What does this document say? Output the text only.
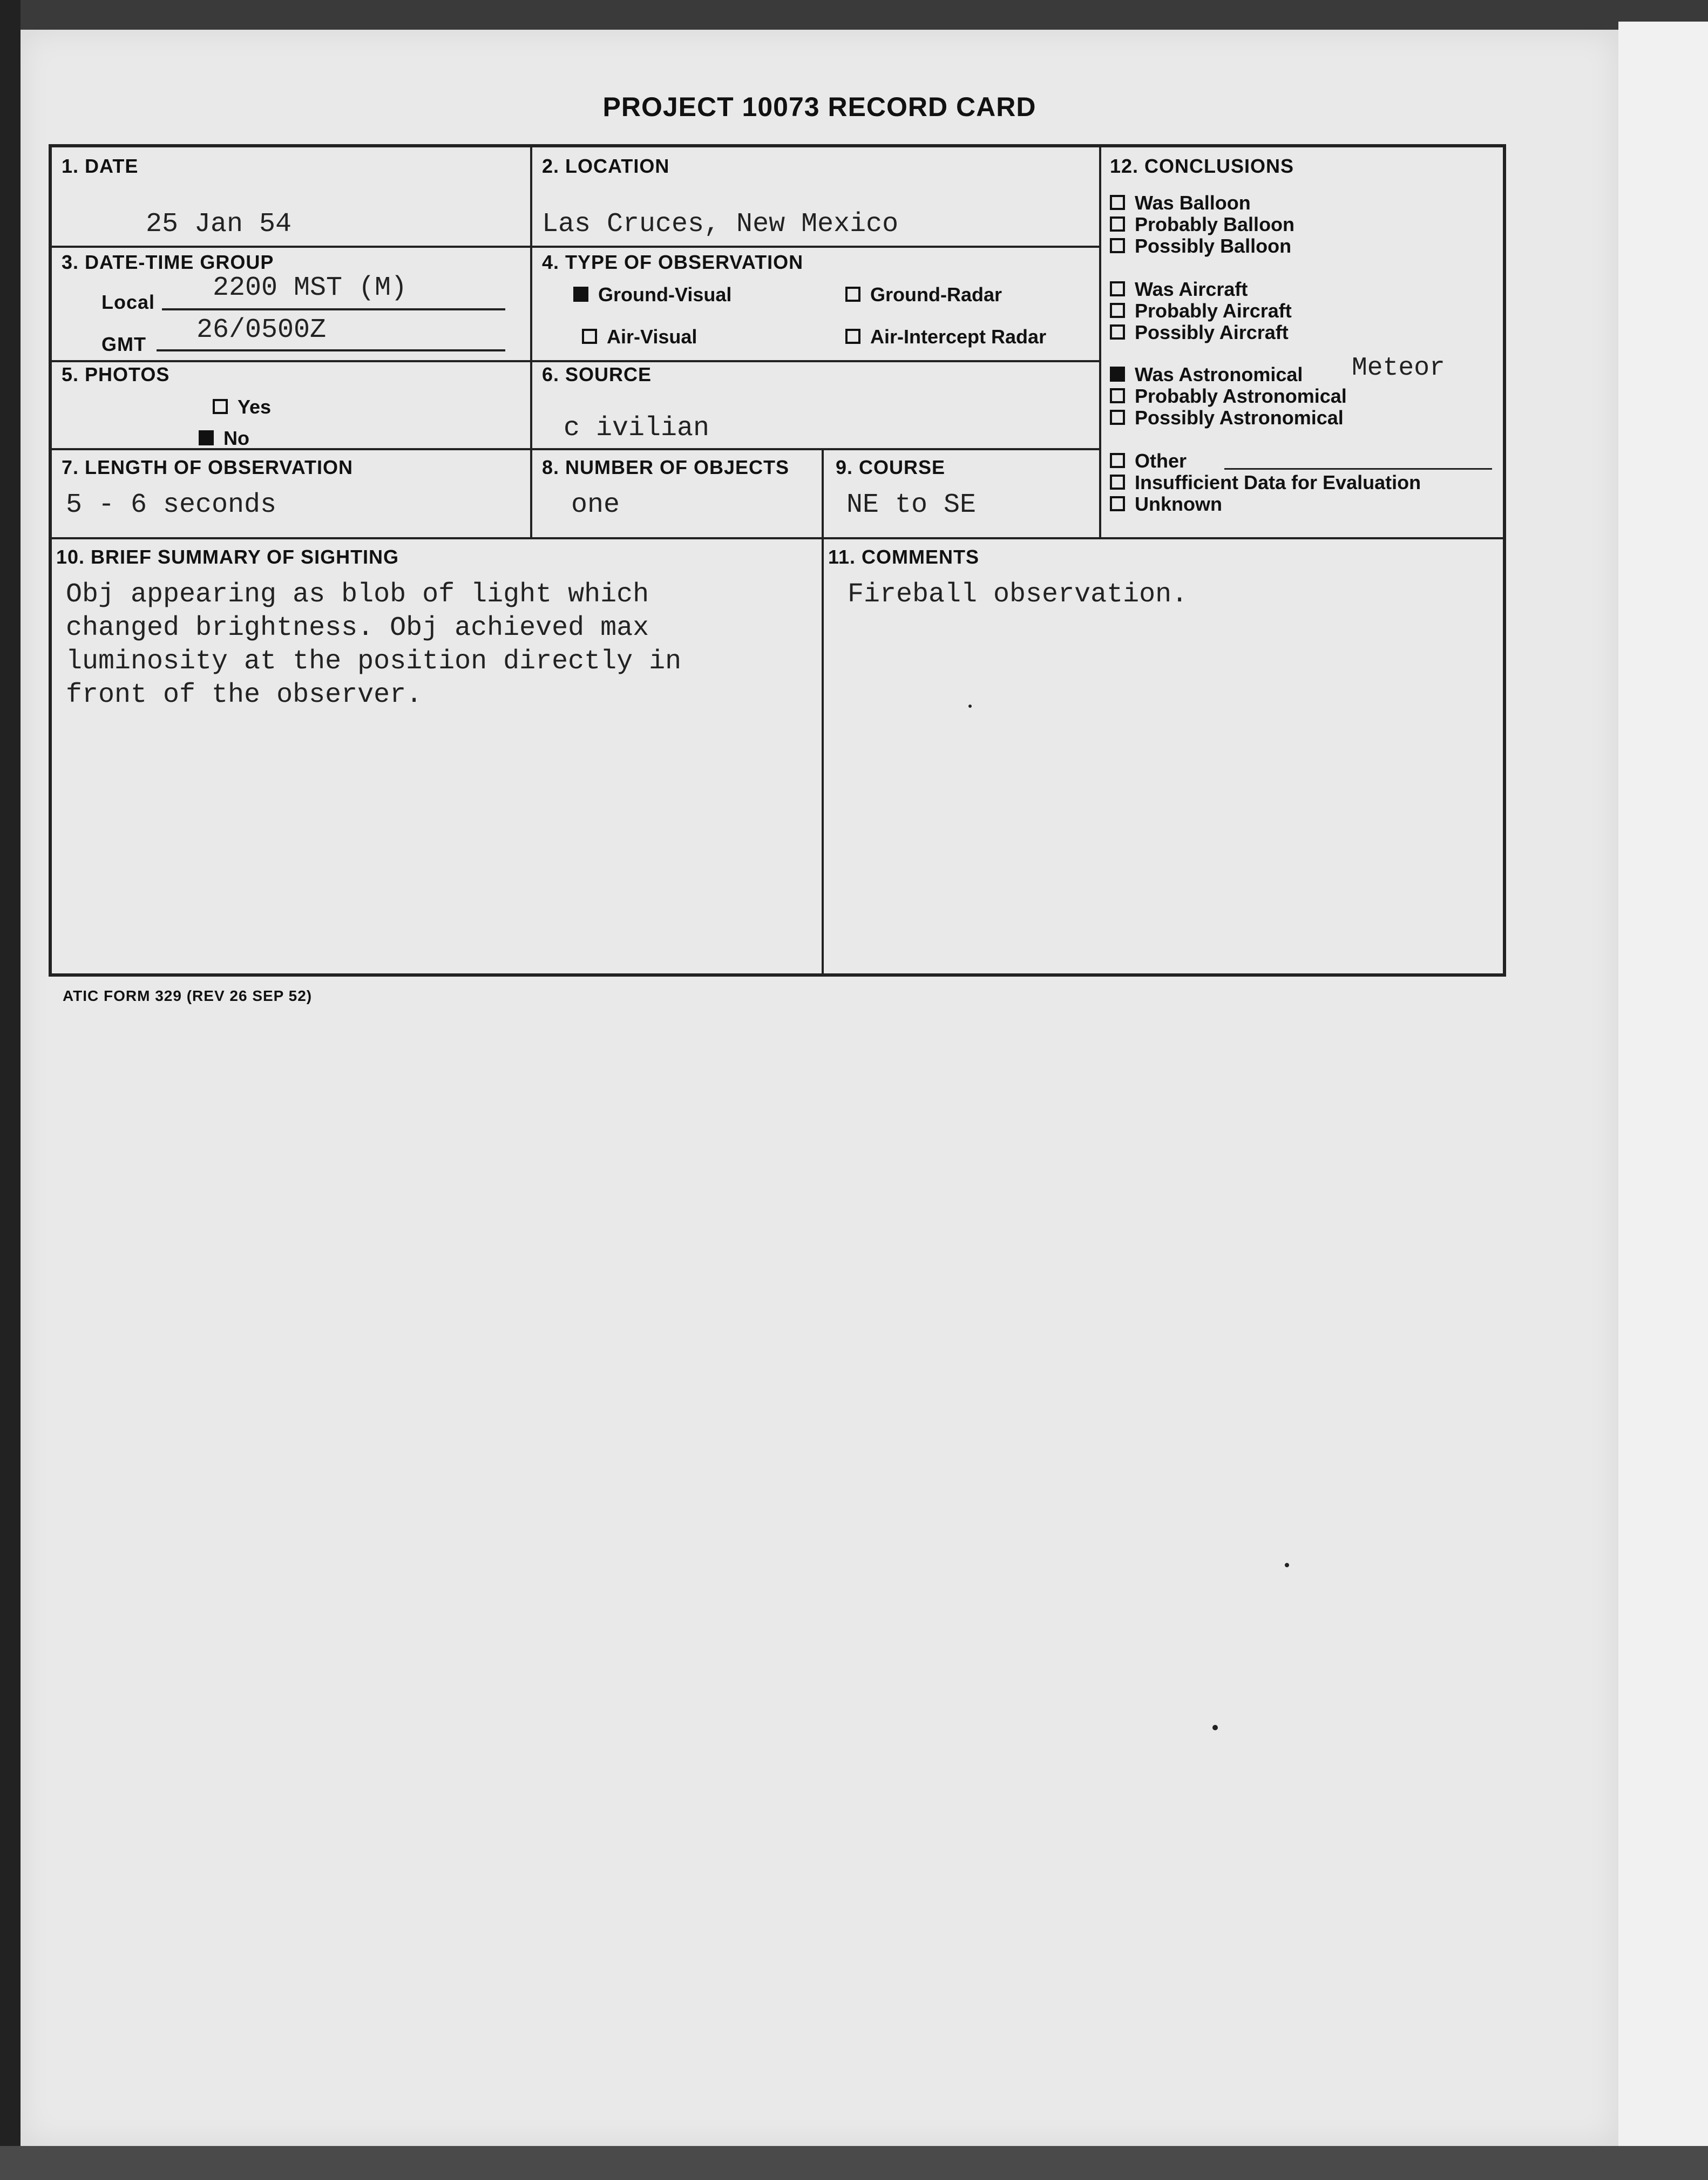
PROJECT 10073 RECORD CARD
1. DATE
25 Jan 54
2. LOCATION
Las Cruces, New Mexico
3. DATE-TIME GROUP
Local 2200 MST (M)
GMT 26/0500Z
4. TYPE OF OBSERVATION
Ground-Visual	Ground-Radar
Air-Visual	Air-Intercept Radar
5. PHOTOS
Yes
No
6. SOURCE
c ivilian
7. LENGTH OF OBSERVATION
5 - 6 seconds
8. NUMBER OF OBJECTS
one
9. COURSE
NE to SE
10. BRIEF SUMMARY OF SIGHTING
Obj appearing as blob of light which
changed brightness. Obj achieved max
luminosity at the position directly in
front of the observer.
11. COMMENTS
Fireball observation.
12. CONCLUSIONS
Was Balloon
Probably Balloon
Possibly Balloon
Was Aircraft
Probably Aircraft
Possibly Aircraft
Was Astronomical Meteor
Probably Astronomical
Possibly Astronomical
Other
Insufficient Data for Evaluation
Unknown
ATIC FORM 329 (REV 26 SEP 52)
